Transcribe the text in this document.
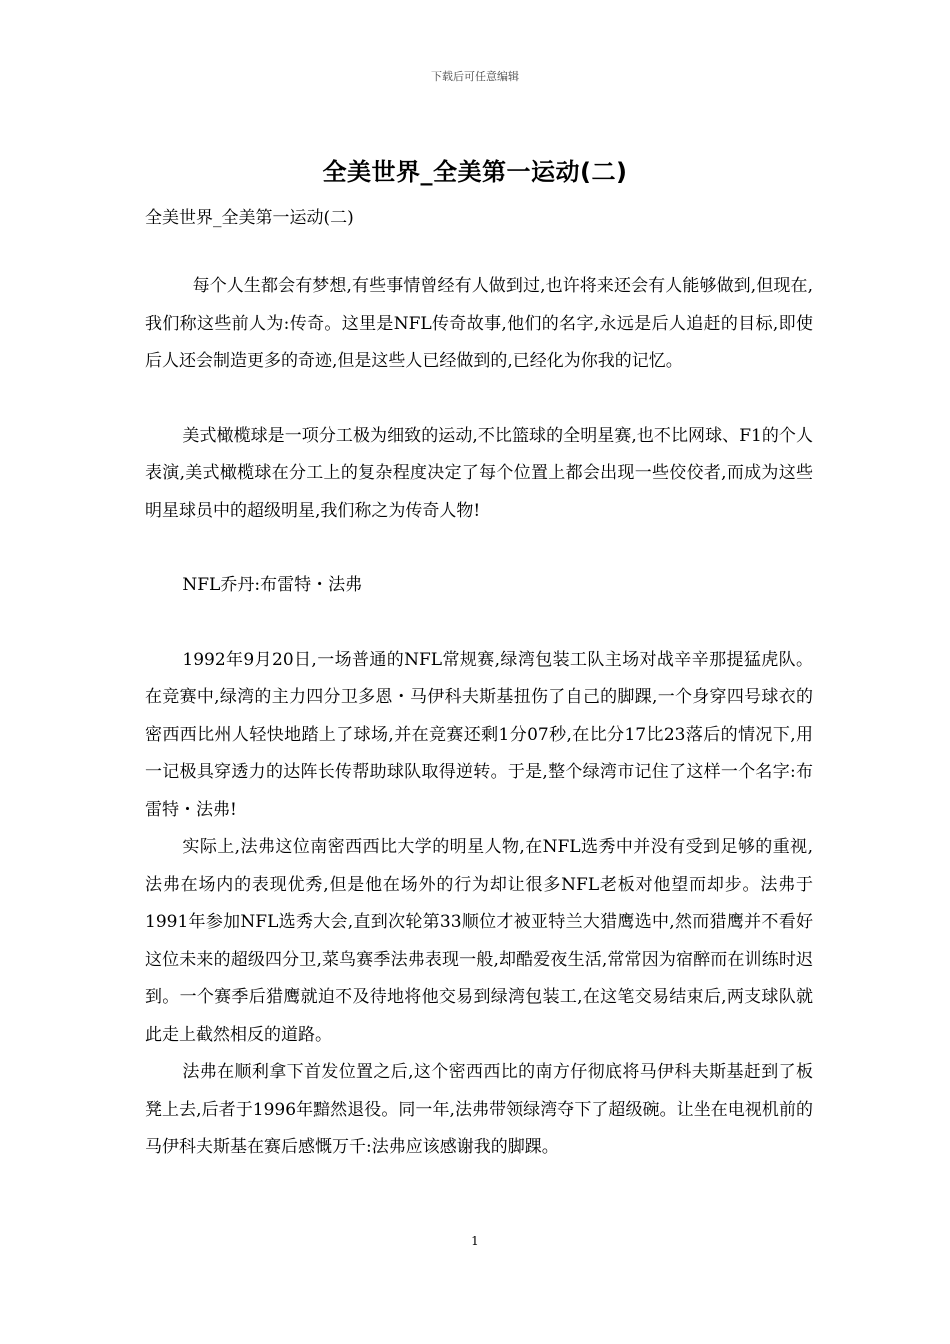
下载后可任意编辑
全美世界_全美第一运动(二)
全美世界_全美第一运动(二)

每个人生都会有梦想,有些事情曾经有人做到过,也许将来还会有人能够做到,但现在,我们称这些前人为:传奇。这里是NFL传奇故事,他们的名字,永远是后人追赶的目标,即使后人还会制造更多的奇迹,但是这些人已经做到的,已经化为你我的记忆。

美式橄榄球是一项分工极为细致的运动,不比篮球的全明星赛,也不比网球、F1的个人表演,美式橄榄球在分工上的复杂程度决定了每个位置上都会出现一些佼佼者,而成为这些明星球员中的超级明星,我们称之为传奇人物!

NFL乔丹:布雷特・法弗

1992年9月20日,一场普通的NFL常规赛,绿湾包装工队主场对战辛辛那提猛虎队。在竞赛中,绿湾的主力四分卫多恩・马伊科夫斯基扭伤了自己的脚踝,一个身穿四号球衣的密西西比州人轻快地踏上了球场,并在竞赛还剩1分07秒,在比分17比23落后的情况下,用一记极具穿透力的达阵长传帮助球队取得逆转。于是,整个绿湾市记住了这样一个名字:布雷特・法弗!

实际上,法弗这位南密西西比大学的明星人物,在NFL选秀中并没有受到足够的重视,法弗在场内的表现优秀,但是他在场外的行为却让很多NFL老板对他望而却步。法弗于1991年参加NFL选秀大会,直到次轮第33顺位才被亚特兰大猎鹰选中,然而猎鹰并不看好这位未来的超级四分卫,菜鸟赛季法弗表现一般,却酷爱夜生活,常常因为宿醉而在训练时迟到。一个赛季后猎鹰就迫不及待地将他交易到绿湾包装工,在这笔交易结束后,两支球队就此走上截然相反的道路。

法弗在顺利拿下首发位置之后,这个密西西比的南方仔彻底将马伊科夫斯基赶到了板凳上去,后者于1996年黯然退役。同一年,法弗带领绿湾夺下了超级碗。让坐在电视机前的马伊科夫斯基在赛后感慨万千:法弗应该感谢我的脚踝。

1
